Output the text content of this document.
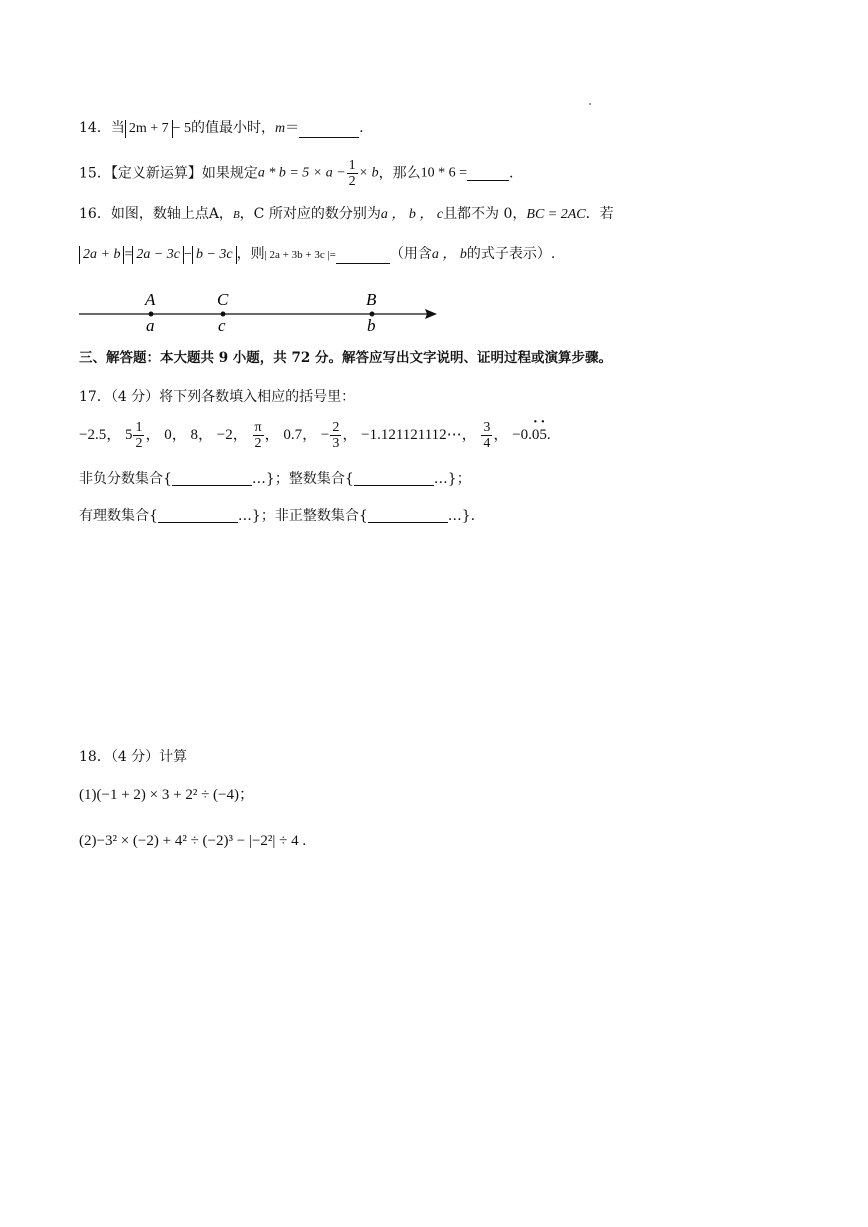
14．当 2m + 7 − 5的值最小时，m＝	.
15．【定义新运算】如果规定$a * b = 5 \times a - \frac{1}{2} \times b$，那么10 * 6 =	.
16．如图，数轴上点A，B，C 所对应的数分别为a ， b ， c且都不为 0，BC = 2AC．若
2a + b = 2a − 3c − b − 3c ，则| 2a + 3b + 3c |=	（用含a ， b的式子表示）.
A	C	B
a	c	b
三、解答题：本大题共 9 小题，共 72 分。解答应写出文字说明、证明过程或演算步骤。
17．（4 分）将下列各数填入相应的括号里：
−2.5， $5 \frac{1}{2}$ ， 0， 8， −2， $\frac{\pi}{2}$ ， 0.7， − $\frac{2}{3}$ ， −1.121121112⋯， $\frac{3}{4}$ ， −0.· 0· 5.
非负分数集合{	…}；整数集合{	…}；
有理数集合{	…}；非正整数集合{	…}.
18．（4 分）计算
(1)(−1 + 2) × 3 + 2² ÷ (−4)；
(2)−3² × (−2) + 4² ÷ (−2)³ − |−2²| ÷ 4 .
